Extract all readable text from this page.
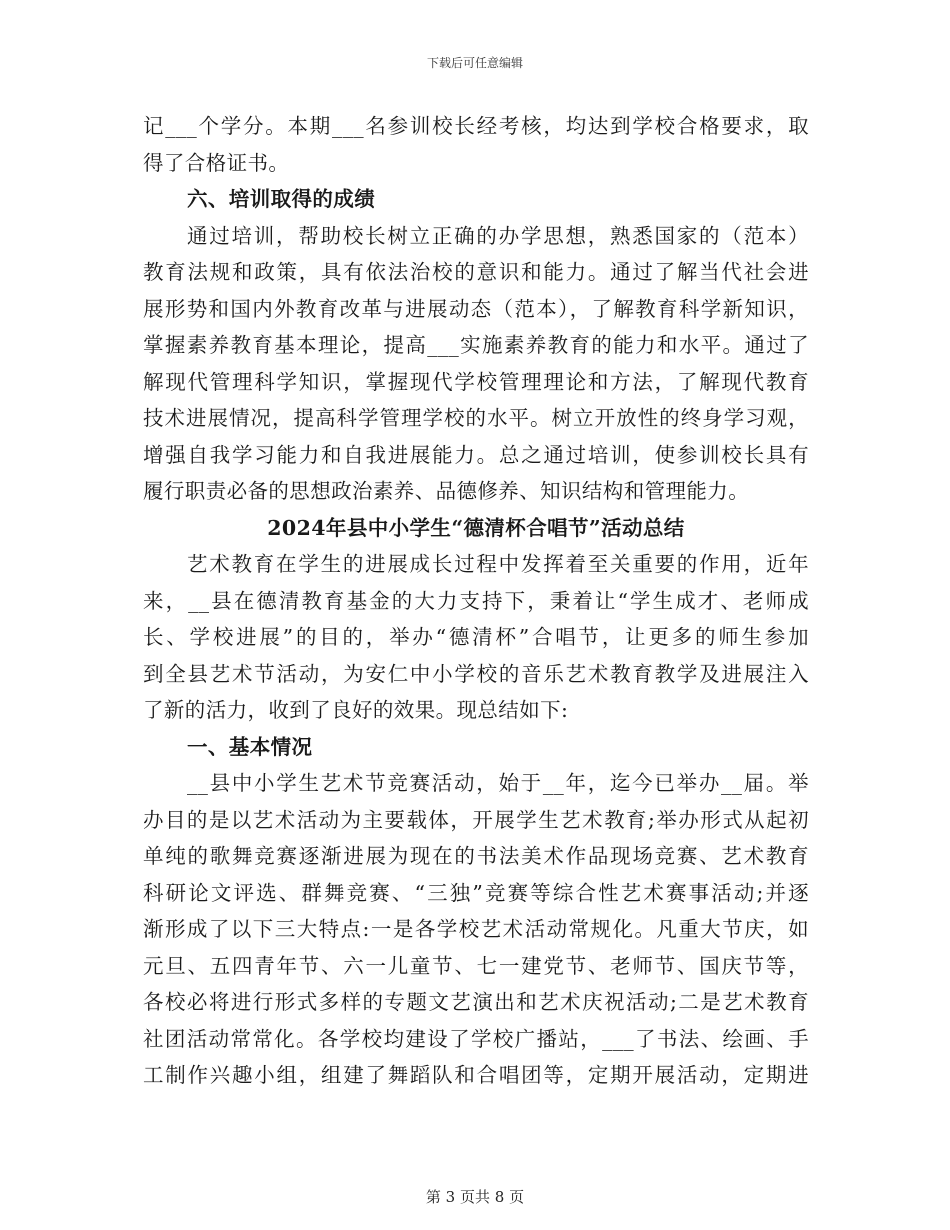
下载后可任意编辑
记___个学分。本期___名参训校长经考核，均达到学校合格要求，取
得了合格证书。
六、培训取得的成绩
通过培训，帮助校长树立正确的办学思想，熟悉国家的（范本）
教育法规和政策，具有依法治校的意识和能力。通过了解当代社会进
展形势和国内外教育改革与进展动态（范本），了解教育科学新知识，
掌握素养教育基本理论，提高___实施素养教育的能力和水平。通过了
解现代管理科学知识，掌握现代学校管理理论和方法，了解现代教育
技术进展情况，提高科学管理学校的水平。树立开放性的终身学习观，
增强自我学习能力和自我进展能力。总之通过培训，使参训校长具有
履行职责必备的思想政治素养、品德修养、知识结构和管理能力。
2024年县中小学生“德清杯合唱节”活动总结
艺术教育在学生的进展成长过程中发挥着至关重要的作用，近年
来，__县在德清教育基金的大力支持下，秉着让“学生成才、老师成
长、学校进展”的目的，举办“德清杯”合唱节，让更多的师生参加
到全县艺术节活动，为安仁中小学校的音乐艺术教育教学及进展注入
了新的活力，收到了良好的效果。现总结如下:
一、基本情况
__县中小学生艺术节竞赛活动，始于__年，迄今已举办__届。举
办目的是以艺术活动为主要载体，开展学生艺术教育;举办形式从起初
单纯的歌舞竞赛逐渐进展为现在的书法美术作品现场竞赛、艺术教育
科研论文评选、群舞竞赛、“三独”竞赛等综合性艺术赛事活动;并逐
渐形成了以下三大特点:一是各学校艺术活动常规化。凡重大节庆，如
元旦、五四青年节、六一儿童节、七一建党节、老师节、国庆节等，
各校必将进行形式多样的专题文艺演出和艺术庆祝活动;二是艺术教育
社团活动常常化。各学校均建设了学校广播站，___了书法、绘画、手
工制作兴趣小组，组建了舞蹈队和合唱团等，定期开展活动，定期进
第 3 页共 8 页
